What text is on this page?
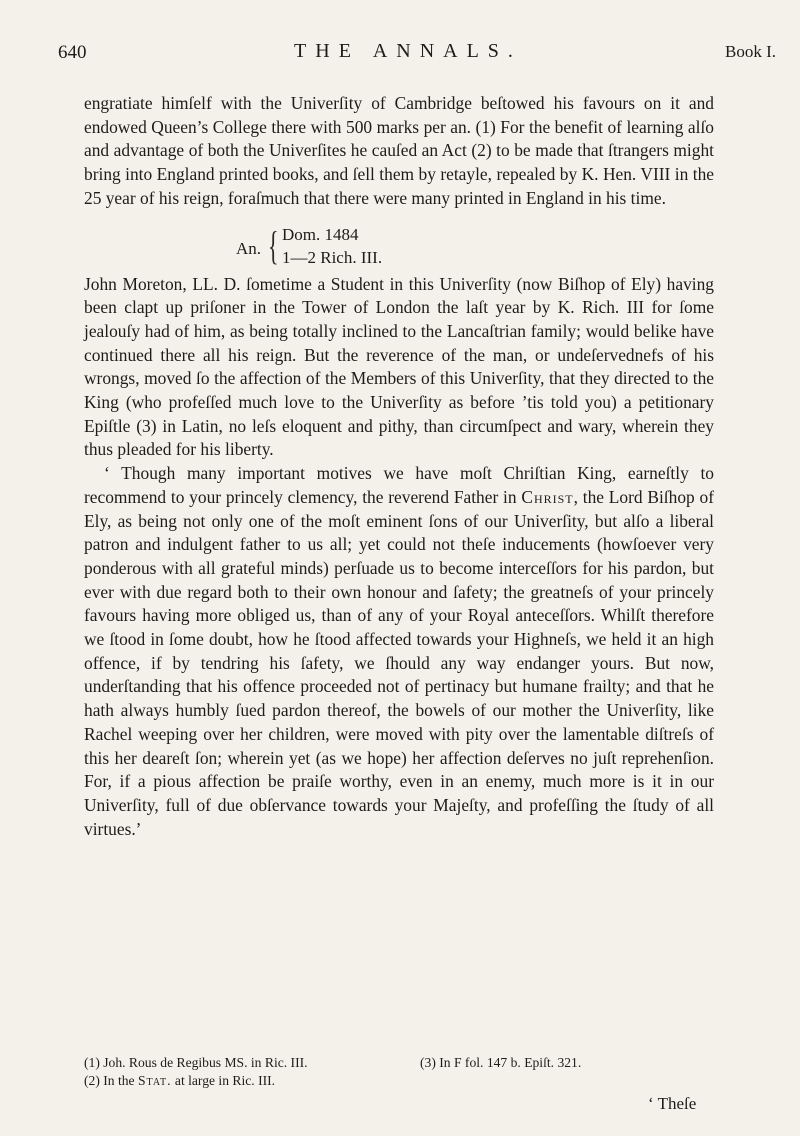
640	THE ANNALS.	Book I.

engratiate himſelf with the Univerſity of Cambridge beſtowed his favours on it and endowed Queen’s College there with 500 marks per an. (1) For the benefit of learning alſo and advantage of both the Univerſites he cauſed an Act (2) to be made that ſtrangers might bring into England printed books, and ſell them by retayle, repealed by K. Hen. VIII in the 25 year of his reign, foraſmuch that there were many printed in England in his time.

An. { Dom. 1484
1—2 Rich. III.

John Moreton, LL. D. ſometime a Student in this Univerſity (now Biſhop of Ely) having been clapt up priſoner in the Tower of London the laſt year by K. Rich. III for ſome jealouſy had of him, as being totally inclined to the Lancaſtrian family; would belike have continued there all his reign. But the reverence of the man, or undeſervednefs of his wrongs, moved ſo the affection of the Members of this Univerſity, that they directed to the King (who profeſſed much love to the Univerſity as before ’tis told you) a petitionary Epiſtle (3) in Latin, no leſs eloquent and pithy, than circumſpect and wary, wherein they thus pleaded for his liberty.

‘ Though many important motives we have moſt Chriſtian King, earneſtly to recommend to your princely clemency, the reverend Father in Christ, the Lord Biſhop of Ely, as being not only one of the moſt eminent ſons of our Univerſity, but alſo a liberal patron and indulgent father to us all; yet could not theſe inducements (howſoever very ponderous with all grateful minds) perſuade us to become interceſſors for his pardon, but ever with due regard both to their own honour and ſafety; the greatneſs of your princely favours having more obliged us, than of any of your Royal anteceſſors. Whilſt therefore we ſtood in ſome doubt, how he ſtood affected towards your Highneſs, we held it an high offence, if by tendring his ſafety, we ſhould any way endanger yours. But now, underſtanding that his offence proceeded not of pertinacy but humane frailty; and that he hath always humbly ſued pardon thereof, the bowels of our mother the Univerſity, like Rachel weeping over her children, were moved with pity over the lamentable diſtreſs of this her deareſt ſon; wherein yet (as we hope) her affection deſerves no juſt reprehenſion. For, if a pious affection be praiſe worthy, even in an enemy, much more is it in our Univerſity, full of due obſervance towards your Majeſty, and profeſſing the ſtudy of all virtues.’

(1) Joh. Rous de Regibus MS. in Ric. III.
(2) In the Stat. at large in Ric. III.
(3) In F fol. 147 b. Epiſt. 321.
‘ Theſe
